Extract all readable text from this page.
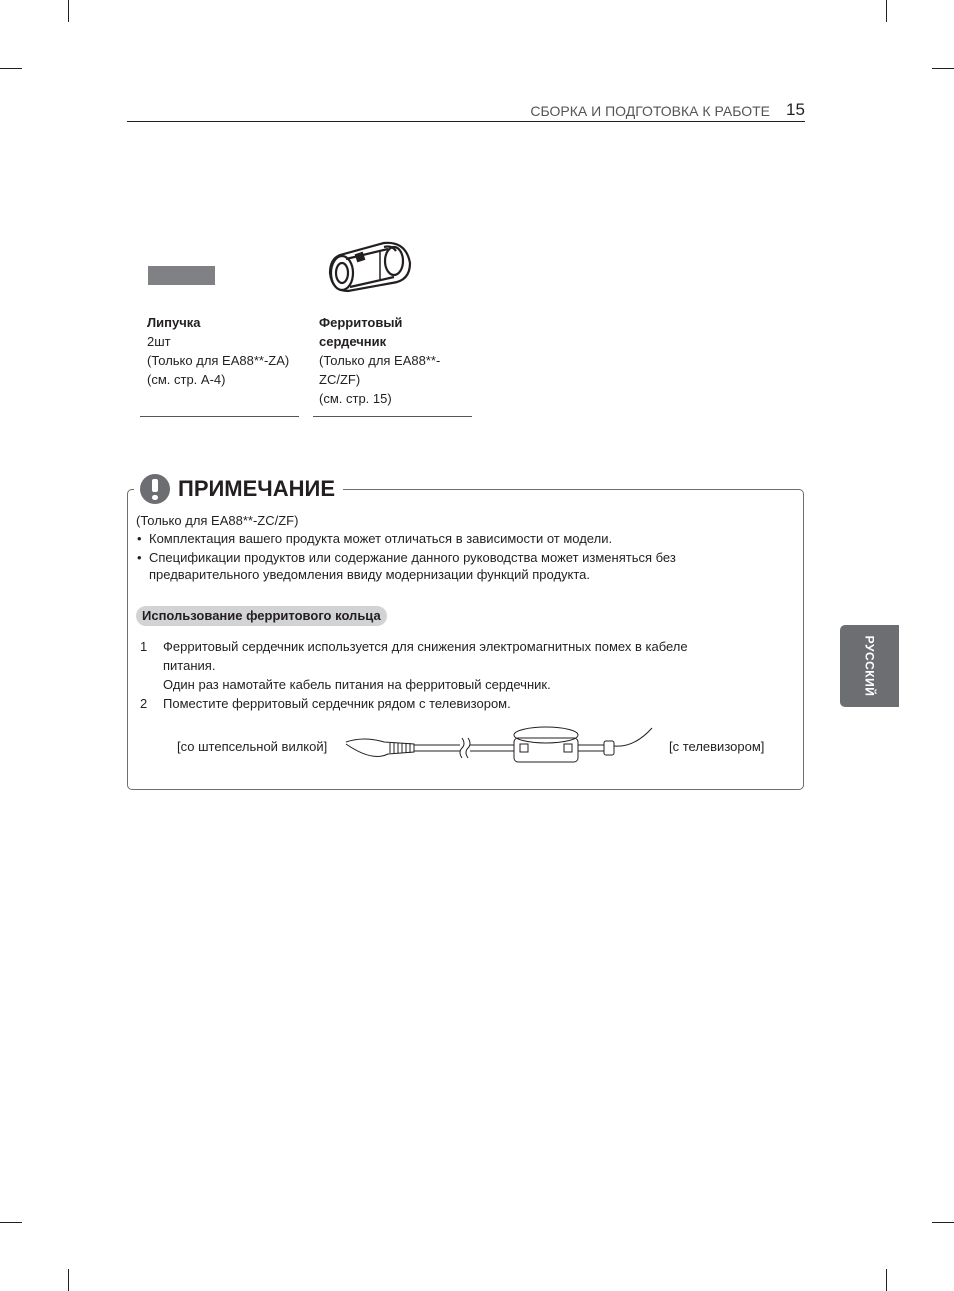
СБОРКА И ПОДГОТОВКА К РАБОТЕ 15
Липучка
2шт
(Только для EA88**-ZA)
(см. стр. A-4)
Ферритовый
сердечник
(Только для EA88**-
ZC/ZF)
(см. стр. 15)
ПРИМЕЧАНИЕ
(Только для EA88**-ZC/ZF)
• Комплектация вашего продукта может отличаться в зависимости от модели.
• Спецификации продуктов или содержание данного руководства может изменяться без
предварительного уведомления ввиду модернизации функций продукта.
Использование ферритового кольца
1 Ферритовый сердечник используется для снижения электромагнитных помех в кабеле
питания.
Один раз намотайте кабель питания на ферритовый сердечник.
2 Поместите ферритовый сердечник рядом с телевизором.
[со штепсельной вилкой]	[с телевизором]
РУССКИЙ
